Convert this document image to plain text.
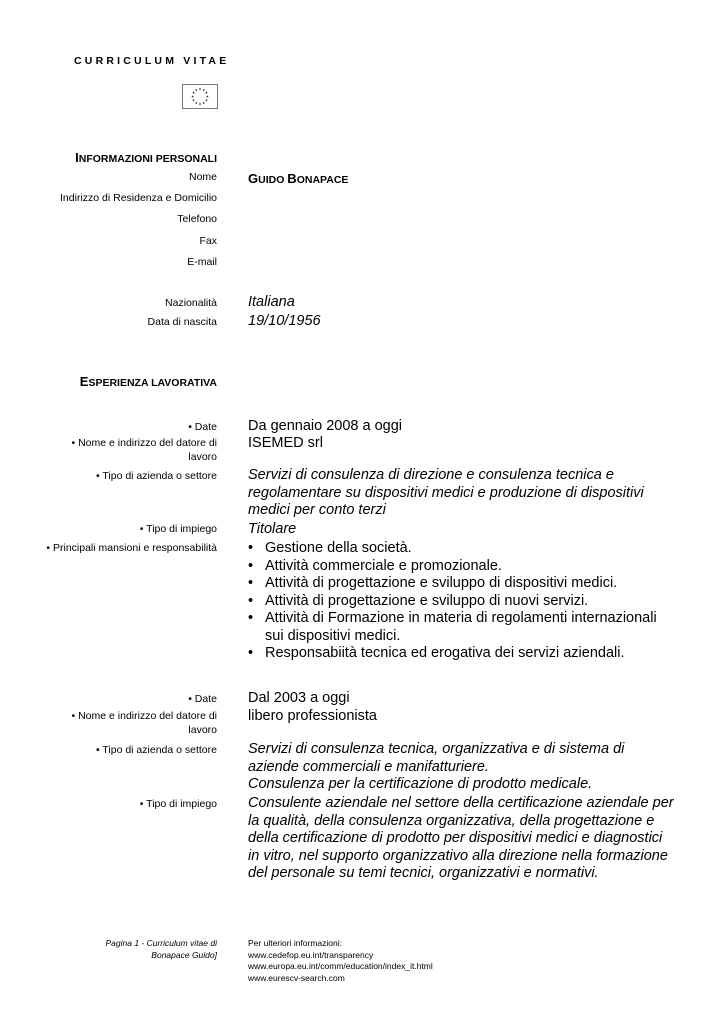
CURRICULUM VITAE
INFORMAZIONI PERSONALI
Nome GUIDO BONAPACE
Indirizzo di Residenza e Domicilio
Telefono
Fax
E-mail
Nazionalità Italiana
Data di nascita 19/10/1956
ESPERIENZA LAVORATIVA
• Date Da gennaio 2008 a oggi
• Nome e indirizzo del datore di lavoro
ISEMED srl
• Tipo di azienda o settore Servizi di consulenza di direzione e consulenza tecnica e regolamentare su dispositivi medici e produzione di dispositivi medici per conto terzi
• Tipo di impiego Titolare
• Principali mansioni e responsabilità
•	Gestione della società.
• Attività commerciale e promozionale.
• Attività di progettazione e sviluppo di dispositivi medici.
• Attività di progettazione e sviluppo di nuovi servizi.
• Attività di Formazione in materia di regolamenti internazionali sui dispositivi medici.
• Responsabiità tecnica ed erogativa dei servizi aziendali.
• Date Dal 2003 a oggi
• Nome e indirizzo del datore di lavoro
libero professionista
• Tipo di azienda o settore Servizi di consulenza tecnica, organizzativa e di sistema di aziende commerciali e manifatturiere.
Consulenza per la certificazione di prodotto medicale.
• Tipo di impiego Consulente aziendale nel settore della certificazione aziendale per la qualità, della consulenza organizzativa, della progettazione e della certificazione di prodotto per dispositivi medici e diagnostici in vitro, nel supporto organizzativo alla direzione nella formazione del personale su temi tecnici, organizzativi e normativi.
Pagina 1 - Curriculum vitae di Bonapace Guido]
Per ulteriori informazioni:
www.cedefop.eu.int/transparency
www.europa.eu.int/comm/education/index_it.html
www.eurescv-search.com
